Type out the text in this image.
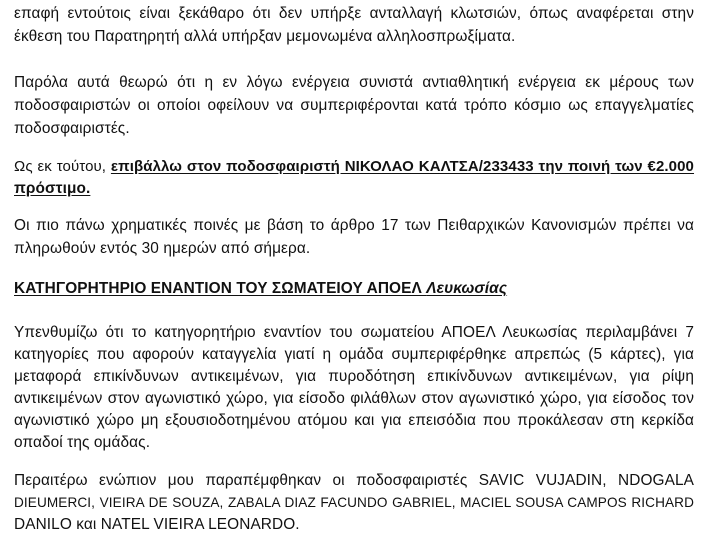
επαφή εντούτοις είναι ξεκάθαρο ότι δεν υπήρξε ανταλλαγή κλωτσιών, όπως αναφέρεται στην
έκθεση του Παρατηρητή αλλά υπήρξαν μεμονωμένα αλληλοσπρωξίματα.
Παρόλα αυτά θεωρώ ότι η εν λόγω ενέργεια συνιστά αντιαθλητική ενέργεια εκ μέρους των
ποδοσφαιριστών οι οποίοι οφείλουν να συμπεριφέρονται κατά τρόπο κόσμιο ως επαγγελματίες
ποδοσφαιριστές.
Ως εκ τούτου, επιβάλλω στον ποδοσφαιριστή ΝΙΚΟΛΑΟ ΚΑΛΤΣΑ/233433 την ποινή των €2.000
πρόστιμο.
Οι πιο πάνω χρηματικές ποινές με βάση το άρθρο 17 των Πειθαρχικών Κανονισμών πρέπει να
πληρωθούν εντός 30 ημερών από σήμερα.
ΚΑΤΗΓΟΡΗΤΗΡΙΟ ΕΝΑΝΤΙΟΝ ΤΟΥ ΣΩΜΑΤΕΙΟΥ ΑΠΟΕΛ Λευκωσίας
Υπενθυμίζω ότι το κατηγορητήριο εναντίον του σωματείου ΑΠΟΕΛ Λευκωσίας περιλαμβάνει 7
κατηγορίες που αφορούν καταγγελία γιατί η ομάδα συμπεριφέρθηκε απρεπώς (5 κάρτες), για
μεταφορά επικίνδυνων αντικειμένων, για πυροδότηση επικίνδυνων αντικειμένων, για ρίψη
αντικειμένων στον αγωνιστικό χώρο, για είσοδο φιλάθλων στον αγωνιστικό χώρο, για είσοδος τον
αγωνιστικό χώρο μη εξουσιοδοτημένου ατόμου και για επεισόδια που προκάλεσαν στη κερκίδα
οπαδοί της ομάδας.
Περαιτέρω ενώπιον μου παραπέμφθηκαν οι ποδοσφαιριστές SAVIC VUJADIN, NDOGALA
DIEUMERCI, VIEIRA DE SOUZA, ZABALA DIAZ FACUNDO GABRIEL, MACIEL SOUSA CAMPOS RICHARD
DANILO και NATEL VIEIRA LEONARDO.
